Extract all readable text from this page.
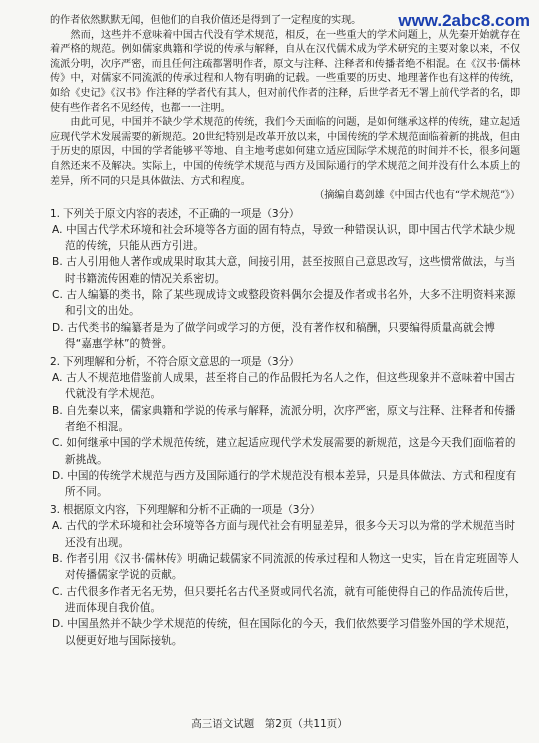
www.2abc8.com

的作者依然默默无闻，但他们的自我价值还是得到了一定程度的实现。

然而，这些并不意味着中国古代没有学术规范，相反，在一些重大的学术问题上，从先秦开始就存在着严格的规范。例如儒家典籍和学说的传承与解释，自从在汉代儒术成为学术研究的主要对象以来，不仅流派分明，次序严密，而且任何注疏都署明作者，原文与注释、注释者和传播者绝不相混。在《汉书·儒林传》中，对儒家不同流派的传承过程和人物有明确的记载。一些重要的历史、地理著作也有这样的传统，如给《史记》《汉书》作注释的学者代有其人，但对前代作者的注释，后世学者无不署上前代学者的名，即使有些作者名不见经传，也都一一注明。

由此可见，中国并不缺少学术规范的传统，我们今天面临的问题，是如何继承这样的传统，建立起适应现代学术发展需要的新规范。20世纪特别是改革开放以来，中国传统的学术规范面临着新的挑战，但由于历史的原因，中国的学者能够平等地、自主地考虑如何建立适应国际学术规范的时间并不长，很多问题自然还来不及解决。实际上，中国的传统学术规范与西方及国际通行的学术规范之间并没有什么本质上的差异，所不同的只是具体做法、方式和程度。

（摘编自葛剑雄《中国古代也有“学术规范”》）

1. 下列关于原文内容的表述，不正确的一项是（3分）

A. 中国古代学术环境和社会环境等各方面的固有特点，导致一种错误认识，即中国古代学术缺少规范的传统，只能从西方引进。

B. 古人引用他人著作或成果时取其大意，间接引用，甚至按照自己意思改写，这些惯常做法，与当时书籍流传困难的情况关系密切。

C. 古人编纂的类书，除了某些现成诗文或整段资料偶尔会提及作者或书名外，大多不注明资料来源和引文的出处。

D. 古代类书的编纂者是为了做学问或学习的方便，没有著作权和稿酬，只要编得质量高就会博得“嘉惠学林”的赞誉。

2. 下列理解和分析，不符合原文意思的一项是（3分）

A. 古人不规范地借鉴前人成果，甚至将自己的作品假托为名人之作，但这些现象并不意味着中国古代就没有学术规范。

B. 自先秦以来，儒家典籍和学说的传承与解释，流派分明，次序严密，原文与注释、注释者和传播者绝不相混。

C. 如何继承中国的学术规范传统，建立起适应现代学术发展需要的新规范，这是今天我们面临着的新挑战。

D. 中国的传统学术规范与西方及国际通行的学术规范没有根本差异，只是具体做法、方式和程度有所不同。

3. 根据原文内容，下列理解和分析不正确的一项是（3分）

A. 古代的学术环境和社会环境等各方面与现代社会有明显差异，很多今天习以为常的学术规范当时还没有出现。

B. 作者引用《汉书·儒林传》明确记载儒家不同流派的传承过程和人物这一史实，旨在肯定班固等人对传播儒家学说的贡献。

C. 古代很多作者无名无势，但只要托名古代圣贤或同代名流，就有可能使得自己的作品流传后世，进而体现自我价值。

D. 中国虽然并不缺少学术规范的传统，但在国际化的今天，我们依然要学习借鉴外国的学术规范，以便更好地与国际接轨。

高三语文试题　第2页（共11页）
